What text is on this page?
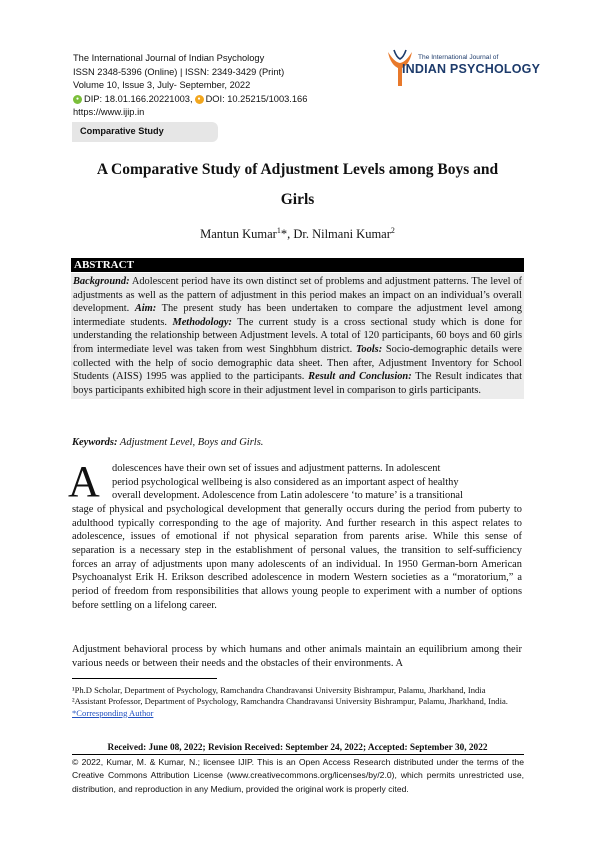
The International Journal of Indian Psychology
ISSN 2348-5396 (Online) | ISSN: 2349-3429 (Print)
Volume 10, Issue 3, July- September, 2022
● DIP: 18.01.166.20221003, ● DOI: 10.25215/1003.166
https://www.ijip.in
The International Journal of
INDIAN PSYCHOLOGY
Comparative Study
A Comparative Study of Adjustment Levels among Boys and
Girls
Mantun Kumar$^1$*, Dr. Nilmani Kumar$^2$
ABSTRACT
Background: Adolescent period have its own distinct set of problems and adjustment patterns. The level of adjustments as well as the pattern of adjustment in this period makes an impact on an individual’s overall development. Aim: The present study has been undertaken to compare the adjustment level among intermediate students. Methodology: The current study is a cross sectional study which is done for understanding the relationship between Adjustment levels. A total of 120 participants, 60 boys and 60 girls from intermediate level was taken from west Singhbhum district. Tools: Socio-demographic details were collected with the help of socio demographic data sheet. Then after, Adjustment Inventory for School Students (AISS) 1995 was applied to the participants. Result and Conclusion: The Result indicates that boys participants exhibited high score in their adjustment level in comparison to girls participants.
Keywords: Adjustment Level, Boys and Girls.
A	dolescences have their own set of issues and adjustment patterns. In adolescent
period psychological wellbeing is also considered as an important aspect of healthy
overall development. Adolescence from Latin adolescere ‘to mature’ is a transitional
stage of physical and psychological development that generally occurs during the period from puberty to adulthood typically corresponding to the age of majority. And further research in this aspect relates to adolescence, issues of emotional if not physical separation from parents arise. While this sense of separation is a necessary step in the establishment of personal values, the transition to self-sufficiency forces an array of adjustments upon many adolescents of an individual. In 1950 German-born American Psychoanalyst Erik H. Erikson described adolescence in modern Western societies as a “moratorium,” a period of freedom from responsibilities that allows young people to experiment with a number of options before settling on a lifelong career.
Adjustment behavioral process by which humans and other animals maintain an equilibrium among their various needs or between their needs and the obstacles of their environments. A
¹Ph.D Scholar, Department of Psychology, Ramchandra Chandravansi University Bishrampur, Palamu, Jharkhand, India
²Assistant Professor, Department of Psychology, Ramchandra Chandravansi University Bishrampur, Palamu, Jharkhand, India.
*Corresponding Author
Received: June 08, 2022; Revision Received: September 24, 2022; Accepted: September 30, 2022
© 2022, Kumar, M. & Kumar, N.; licensee IJIP. This is an Open Access Research distributed under the terms of the Creative Commons Attribution License (www.creativecommons.org/licenses/by/2.0), which permits unrestricted use, distribution, and reproduction in any Medium, provided the original work is properly cited.
